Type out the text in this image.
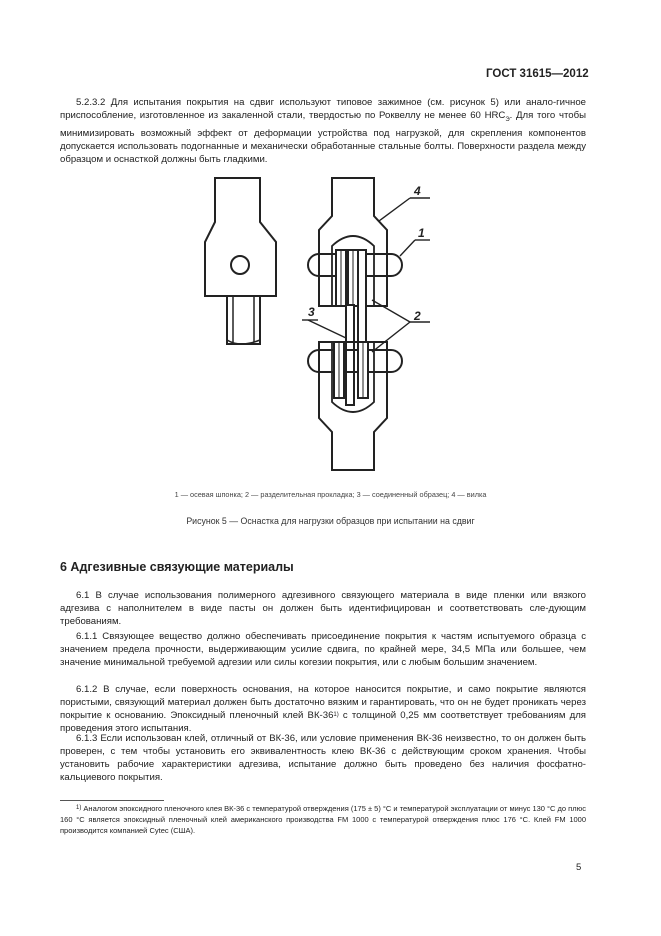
ГОСТ 31615—2012

5.2.3.2 Для испытания покрытия на сдвиг используют типовое зажимное (см. рисунок 5) или анало-гичное приспособление, изготовленное из закаленной стали, твердостью по Роквеллу не менее 60 $HRC_Э$. Для того чтобы минимизировать возможный эффект от деформации устройства под нагрузкой, для скрепления компонентов допускается использовать подогнанные и механически обработанные стальные болты. Поверхности раздела между образцом и оснасткой должны быть гладкими.

4
1
2
3
1 — осевая шпонка; 2 — разделительная прокладка; 3 — соединенный образец; 4 — вилка
Рисунок 5 — Оснастка для нагрузки образцов при испытании на сдвиг
6 Адгезивные связующие материалы

6.1 В случае использования полимерного адгезивного связующего материала в виде пленки или вязкого адгезива с наполнителем в виде пасты он должен быть идентифицирован и соответствовать сле-дующим требованиям.

6.1.1 Связующее вещество должно обеспечивать присоединение покрытия к частям испытуемого образца с значением предела прочности, выдерживающим усилие сдвига, по крайней мере, 34,5 МПа или большее, чем значение минимальной требуемой адгезии или силы когезии покрытия, или с любым большим значением.

6.1.2 В случае, если поверхность основания, на которое наносится покрытие, и само покрытие являются пористыми, связующий материал должен быть достаточно вязким и гарантировать, что он не будет проникать через покрытие к основанию. Эпоксидный пленочный клей ВК-36$^{1)}$ с толщиной 0,25 мм соответствует требованиям для проведения этого испытания.

6.1.3 Если использован клей, отличный от ВК-36, или условие применения ВК-36 неизвестно, то он должен быть проверен, с тем чтобы установить его эквивалентность клею ВК-36 с действующим сроком хранения. Чтобы установить рабочие характеристики адгезива, испытание должно быть проведено без наличия фосфатно-кальциевого покрытия.

$^{1)}$ Аналогом эпоксидного пленочного клея ВК-36 с температурой отверждения (175 ± 5) °С и температурой эксплуатации от минус 130 °С до плюс 160 °С является эпоксидный пленочный клей американского производства FM 1000 с температурой отверждения плюс 176 °С. Клей FM 1000 производится компанией Cytec (США).

5
